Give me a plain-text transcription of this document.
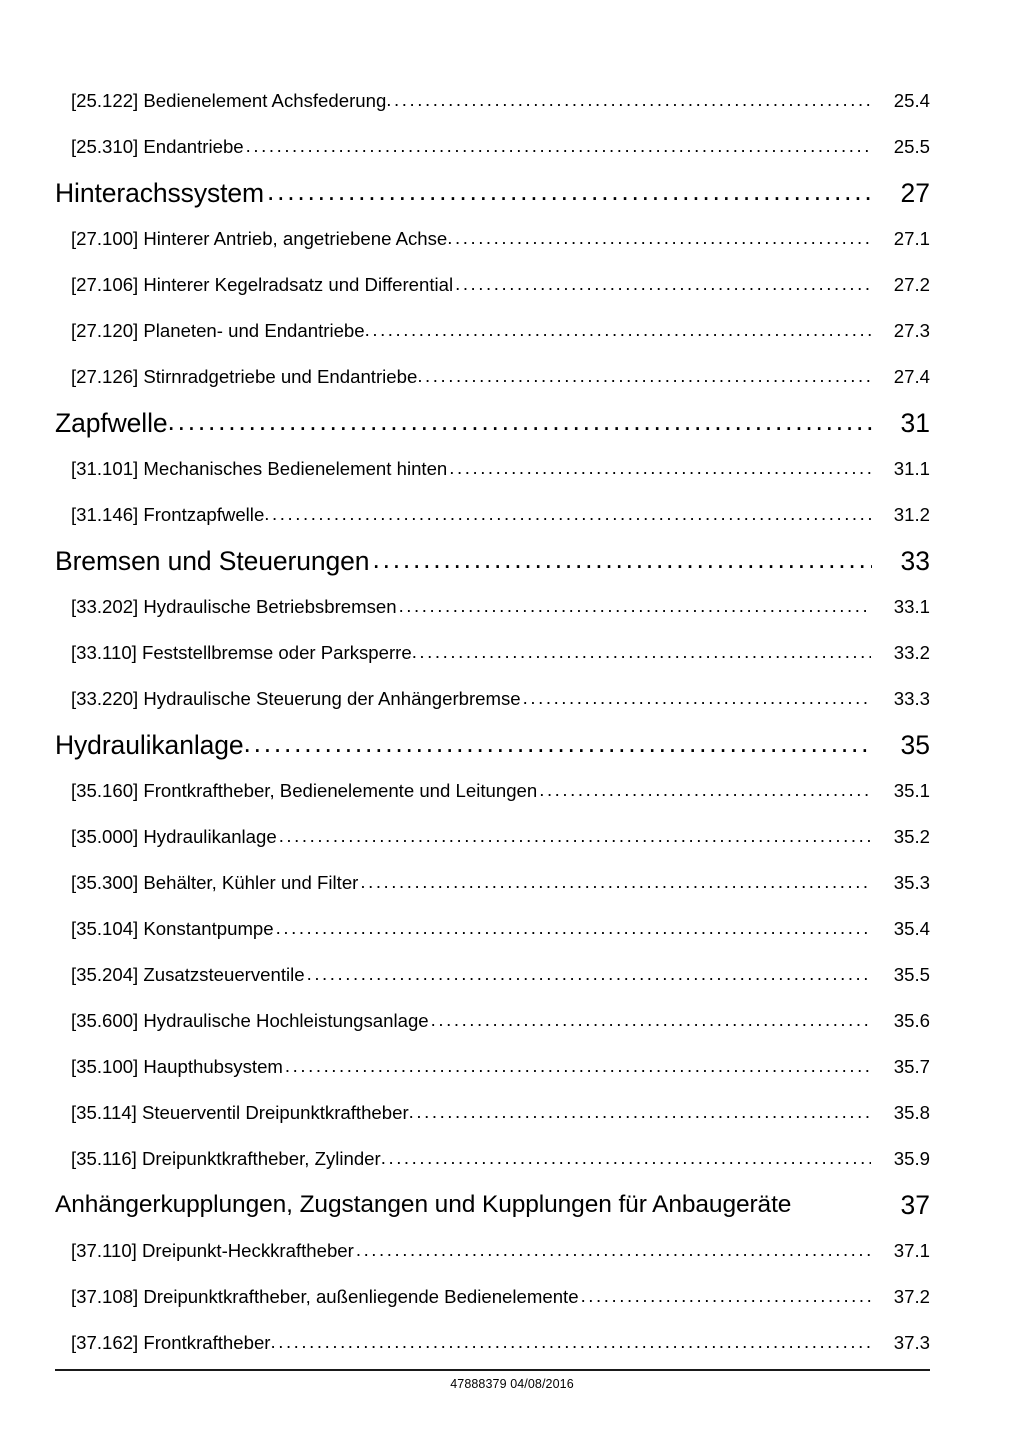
[25.122] Bedienelement Achsfederung . . .	25.4
[25.310] Endantriebe . . .	25.5
Hinterachssystem . . .	27
[27.100] Hinterer Antrieb, angetriebene Achse . . .	27.1
[27.106] Hinterer Kegelradsatz und Differential . . .	27.2
[27.120] Planeten- und Endantriebe . . .	27.3
[27.126] Stirnradgetriebe und Endantriebe . . .	27.4
Zapfwelle . . .	31
[31.101] Mechanisches Bedienelement hinten . . .	31.1
[31.146] Frontzapfwelle . . .	31.2
Bremsen und Steuerungen . . .	33
[33.202] Hydraulische Betriebsbremsen . . .	33.1
[33.110] Feststellbremse oder Parksperre . . .	33.2
[33.220] Hydraulische Steuerung der Anhängerbremse . . .	33.3
Hydraulikanlage . . .	35
[35.160] Frontkraftheber, Bedienelemente und Leitungen . . .	35.1
[35.000] Hydraulikanlage . . .	35.2
[35.300] Behälter, Kühler und Filter . . .	35.3
[35.104] Konstantpumpe . . .	35.4
[35.204] Zusatzsteuerventile . . .	35.5
[35.600] Hydraulische Hochleistungsanlage . . .	35.6
[35.100] Haupthubsystem . . .	35.7
[35.114] Steuerventil Dreipunktkraftheber . . .	35.8
[35.116] Dreipunktkraftheber, Zylinder . . .	35.9
Anhängerkupplungen, Zugstangen und Kupplungen für Anbaugeräte	37
[37.110] Dreipunkt-Heckkraftheber . . .	37.1
[37.108] Dreipunktkraftheber, außenliegende Bedienelemente . . .	37.2
[37.162] Frontkraftheber . . .	37.3
47888379 04/08/2016
